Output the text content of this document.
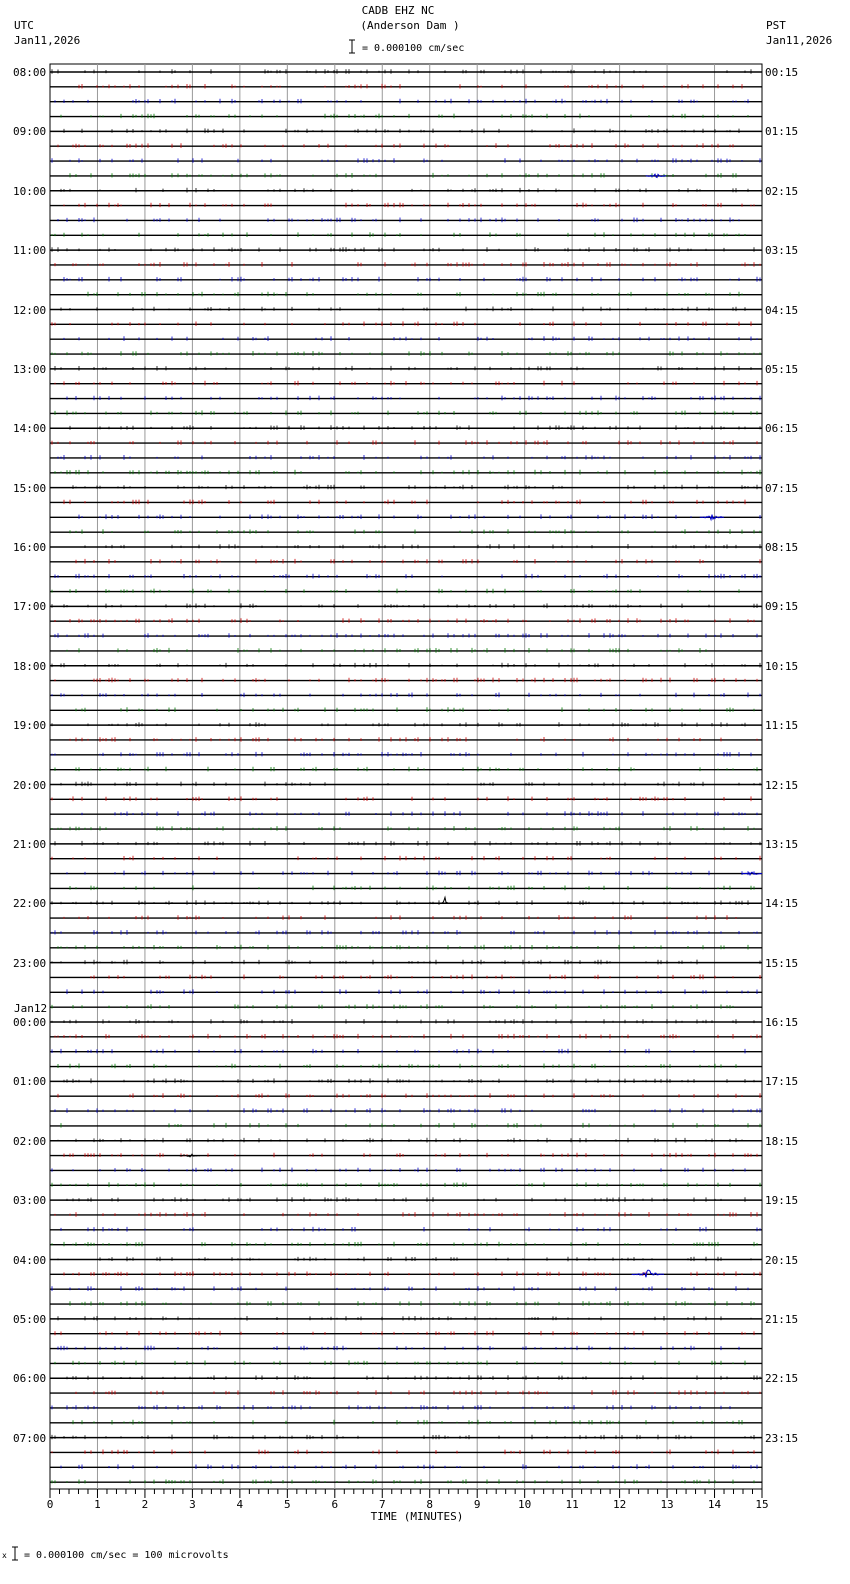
CADB EHZ NC
(Anderson Dam )
= 0.000100 cm/sec
UTC
Jan11,2026
PST
Jan11,2026
08:00
09:00
10:00
11:00
12:00
13:00
14:00
15:00
16:00
17:00
18:00
19:00
20:00
21:00
22:00
23:00
00:00
01:00
02:00
03:00
04:00
05:00
06:00
07:00
00:15
01:15
02:15
03:15
04:15
05:15
06:15
07:15
08:15
09:15
10:15
11:15
12:15
13:15
14:15
15:15
16:15
17:15
18:15
19:15
20:15
21:15
22:15
23:15
Jan12
0	1	2	3	4	5	6	7	8	9	10	11	12	13	14	15
TIME (MINUTES)
x = 0.000100 cm/sec = 100 microvolts
